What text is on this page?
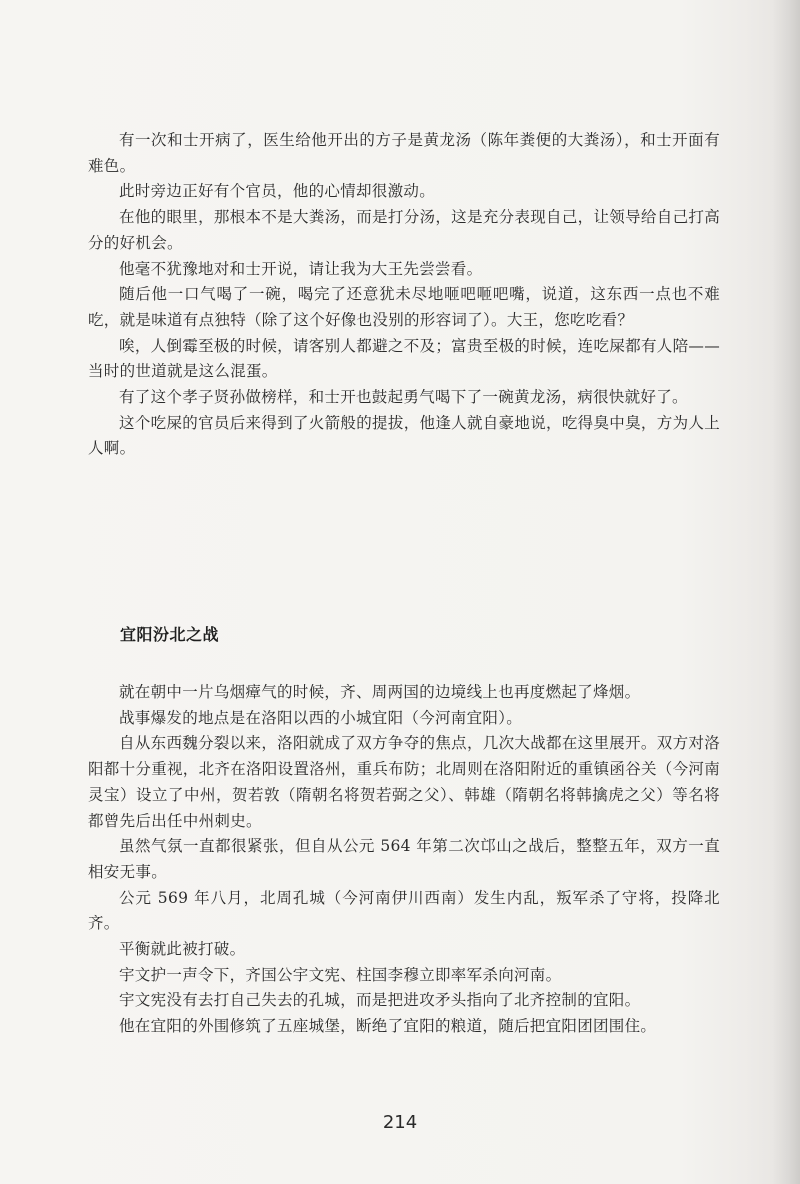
有一次和士开病了，医生给他开出的方子是黄龙汤（陈年粪便的大粪汤），和士开面有难色。

此时旁边正好有个官员，他的心情却很激动。

在他的眼里，那根本不是大粪汤，而是打分汤，这是充分表现自己，让领导给自己打高分的好机会。

他毫不犹豫地对和士开说，请让我为大王先尝尝看。

随后他一口气喝了一碗，喝完了还意犹未尽地咂吧咂吧嘴，说道，这东西一点也不难吃，就是味道有点独特（除了这个好像也没别的形容词了）。大王，您吃吃看？

唉，人倒霉至极的时候，请客别人都避之不及；富贵至极的时候，连吃屎都有人陪——当时的世道就是这么混蛋。

有了这个孝子贤孙做榜样，和士开也鼓起勇气喝下了一碗黄龙汤，病很快就好了。

这个吃屎的官员后来得到了火箭般的提拔，他逢人就自豪地说，吃得臭中臭，方为人上人啊。

宜阳汾北之战

就在朝中一片乌烟瘴气的时候，齐、周两国的边境线上也再度燃起了烽烟。

战事爆发的地点是在洛阳以西的小城宜阳（今河南宜阳）。

自从东西魏分裂以来，洛阳就成了双方争夺的焦点，几次大战都在这里展开。双方对洛阳都十分重视，北齐在洛阳设置洛州，重兵布防；北周则在洛阳附近的重镇函谷关（今河南灵宝）设立了中州，贺若敦（隋朝名将贺若弼之父）、韩雄（隋朝名将韩擒虎之父）等名将都曾先后出任中州刺史。

虽然气氛一直都很紧张，但自从公元 564 年第二次邙山之战后，整整五年，双方一直相安无事。

公元 569 年八月，北周孔城（今河南伊川西南）发生内乱，叛军杀了守将，投降北齐。

平衡就此被打破。

宇文护一声令下，齐国公宇文宪、柱国李穆立即率军杀向河南。

宇文宪没有去打自己失去的孔城，而是把进攻矛头指向了北齐控制的宜阳。

他在宜阳的外围修筑了五座城堡，断绝了宜阳的粮道，随后把宜阳团团围住。

214
